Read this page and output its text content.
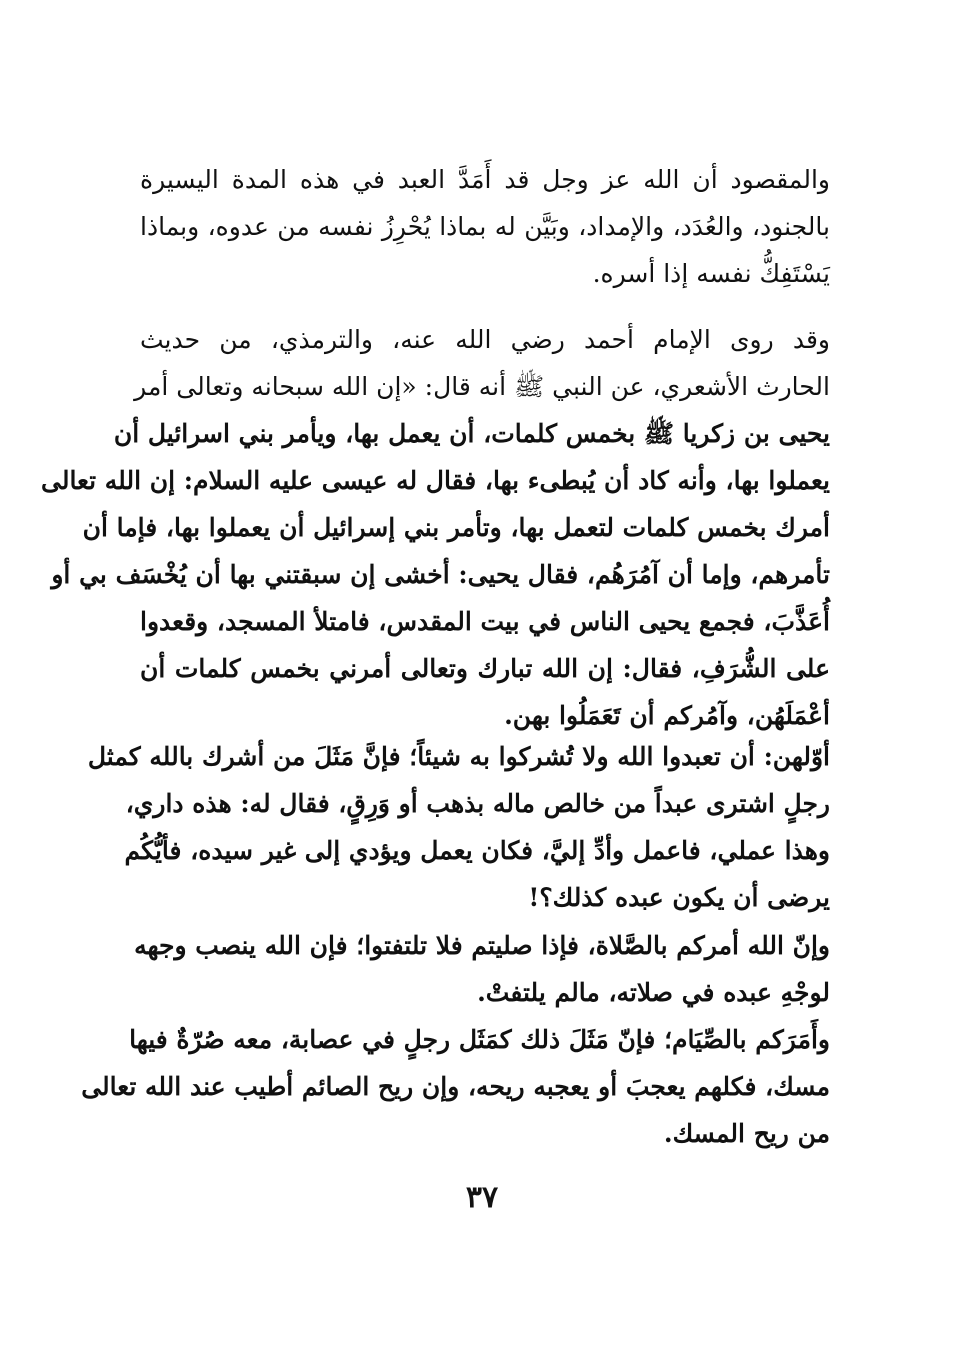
والمقصود أن الله عز وجل قد أَمَدَّ العبد في هذه المدة اليسيرة
بالجنود، والعُدَد، والإمداد، وبَيَّن له بماذا يُحْرِزُ نفسه من عدوه، وبماذا
يَسْتَفِكُّ نفسه إذا أسره.
وقد روى الإمام أحمد رضي الله عنه، والترمذي، من حديث
الحارث الأشعري، عن النبي ﷺ أنه قال: «إن الله سبحانه وتعالى أمر
يحيى بن زكريا ﷺ بخمس كلمات، أن يعمل بها، ويأمر بني اسرائيل أن
يعملوا بها، وأنه كاد أن يُبطىء بها، فقال له عيسى عليه السلام: إن الله تعالى
أمرك بخمس كلمات لتعمل بها، وتأمر بني إسرائيل أن يعملوا بها، فإما أن
تأمرهم، وإما أن آمُرَهُم، فقال يحيى: أخشى إن سبقتني بها أن يُخْسَف بي أو
أُعَذَّبَ، فجمع يحيى الناس في بيت المقدس، فامتلأ المسجد، وقعدوا
على الشُّرَفِ، فقال: إن الله تبارك وتعالى أمرني بخمس كلمات أن
أعْمَلَهُن، وآمُركم أن تَعَمَلُوا بهن.
أوّلهن: أن تعبدوا الله ولا تُشركوا به شيئاً؛ فإنَّ مَثَلَ من أشرك بالله كمثل
رجلٍ اشترى عبداً من خالص ماله بذهب أو وَرِقٍ، فقال له: هذه داري،
وهذا عملي، فاعمل وأدِّ إليَّ، فكان يعمل ويؤدي إلى غير سيده، فأيُّكُم
يرضى أن يكون عبده كذلك؟!
وإنّ الله أمركم بالصَّلاة، فإذا صليتم فلا تلتفتوا؛ فإن الله ينصب وجهه
لوجْهِ عبده في صلاته، مالم يلتفتْ.
وأَمَرَكم بالصِّيَام؛ فإنّ مَثَلَ ذلك كمَثَل رجلٍ في عصابة، معه صُرّةٌ فيها
مسك، فكلهم يعجبَ أو يعجبه ريحه، وإن ريح الصائم أطيب عند الله تعالى
من ريح المسك.
٣٧
